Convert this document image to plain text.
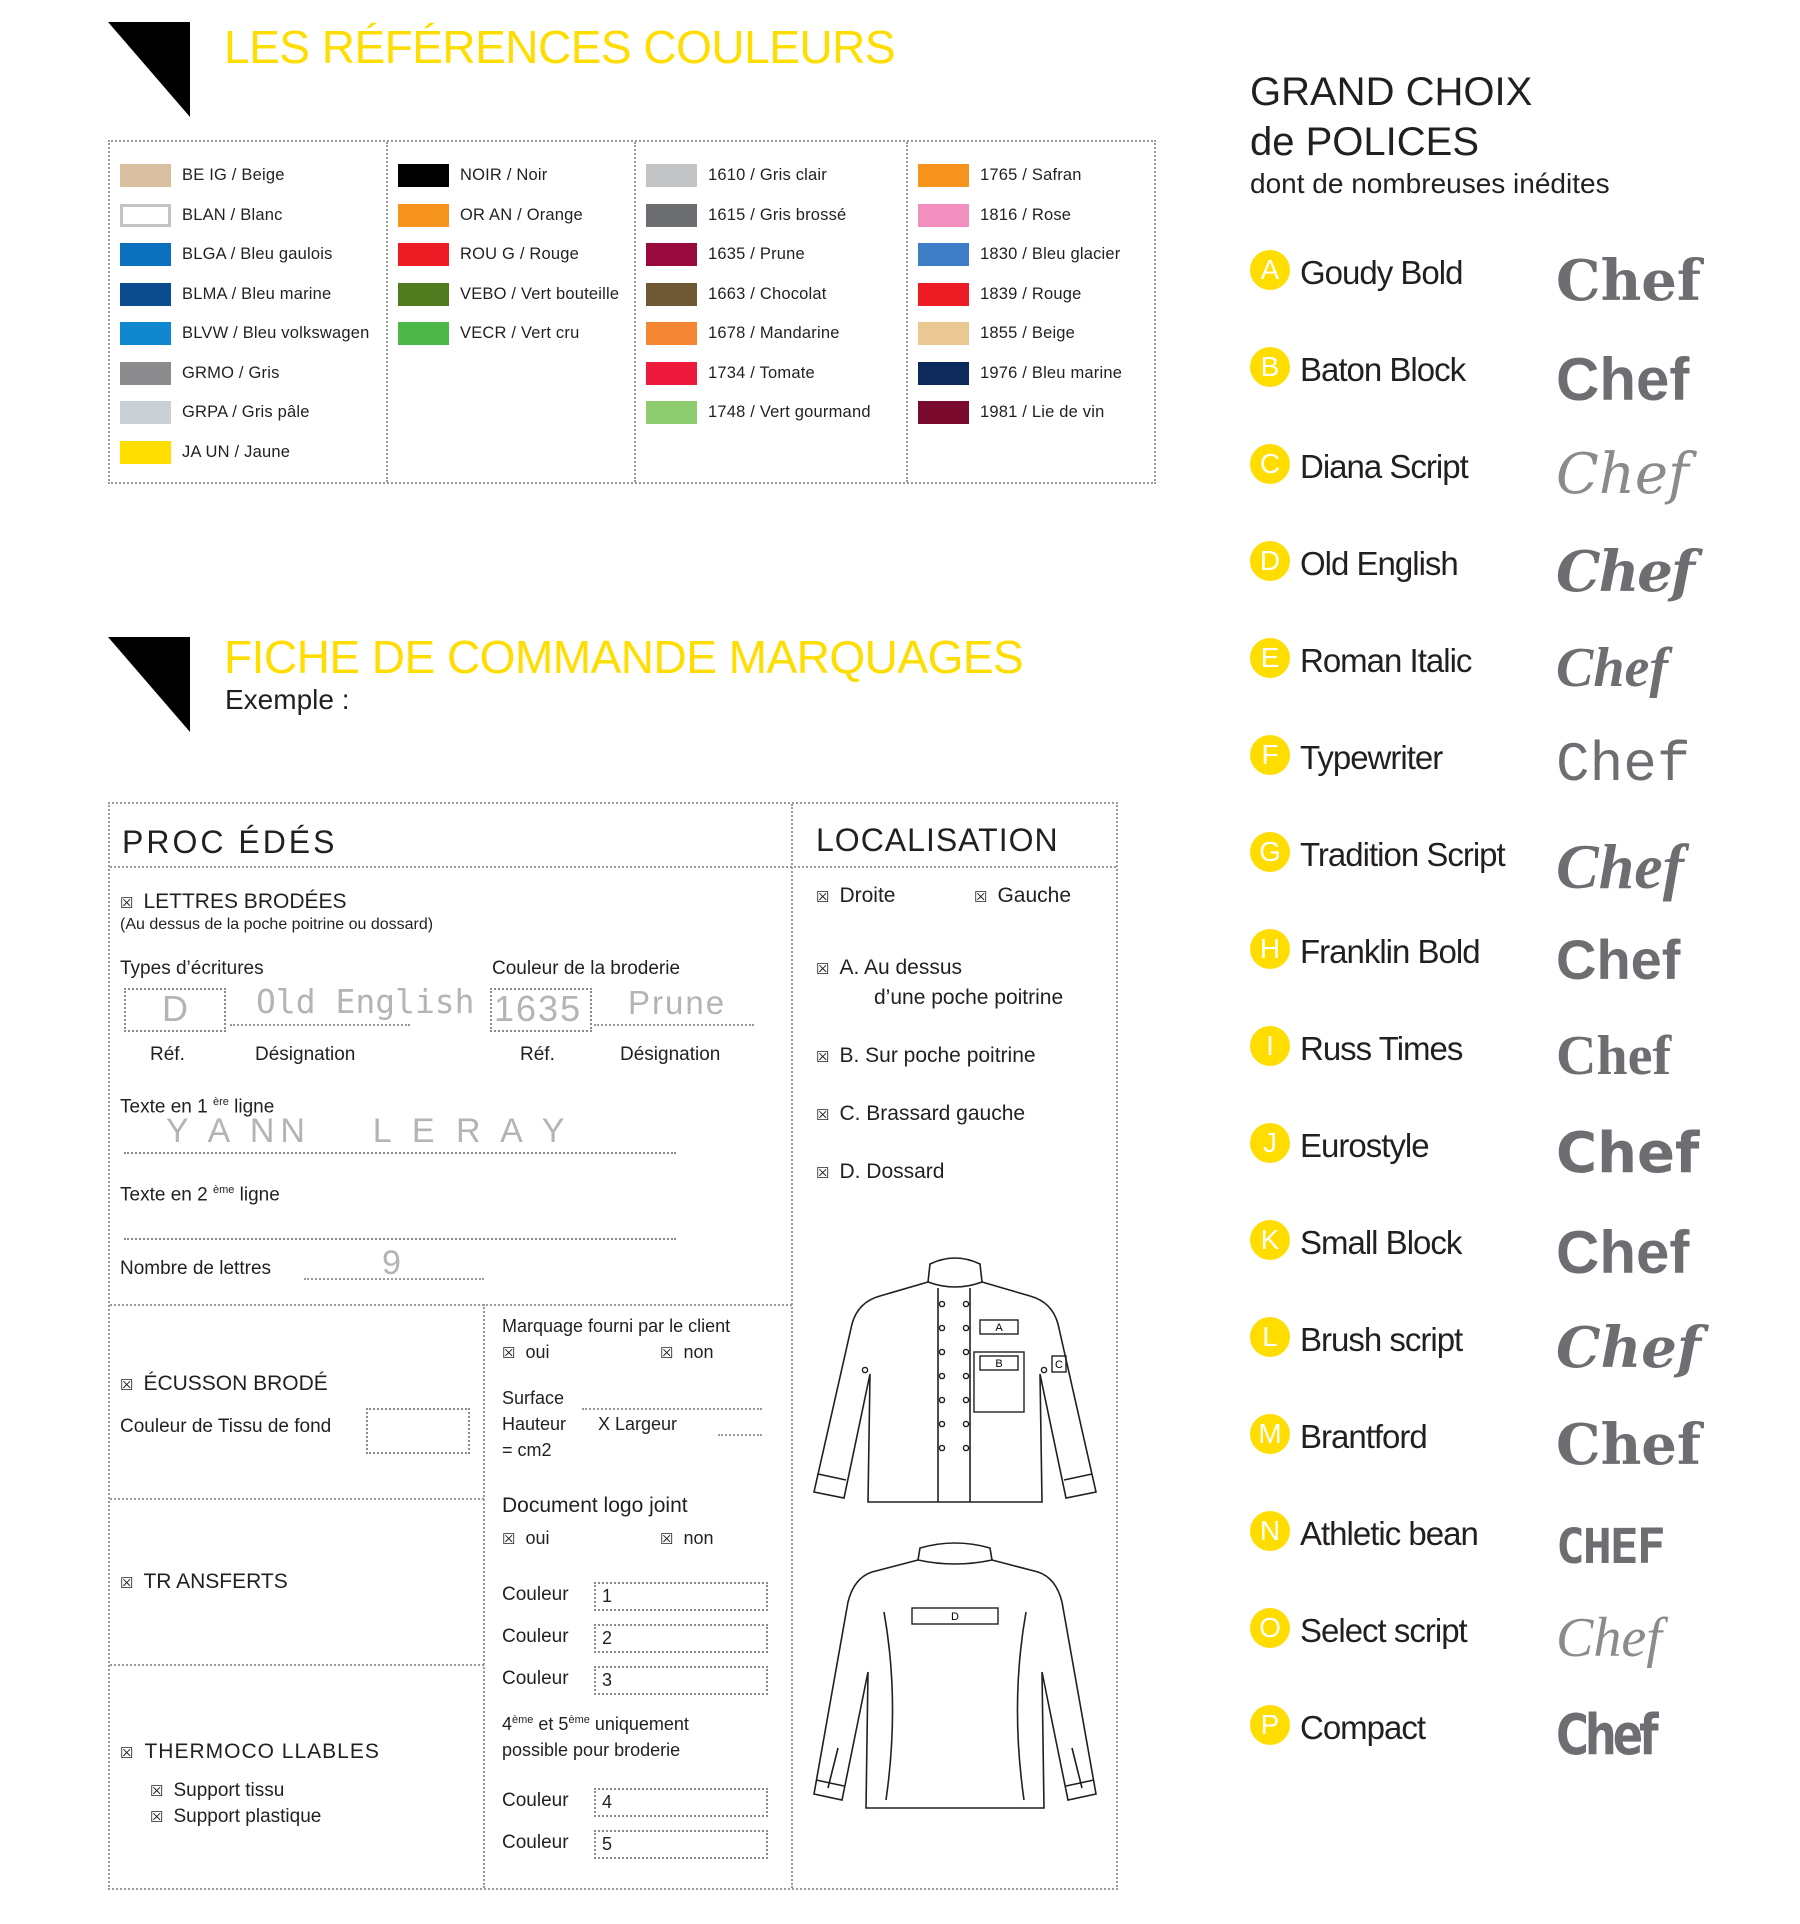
LES RÉFÉRENCES COULEURS
BE IG / Beige
BLAN / Blanc
BLGA / Bleu gaulois
BLMA / Bleu marine
BLVW / Bleu volkswagen
GRMO / Gris
GRPA / Gris pâle
JA UN / Jaune
NOIR / Noir
OR AN / Orange
ROU G / Rouge
VEBO / Vert bouteille
VECR / Vert cru
1610 / Gris clair
1615 / Gris brossé
1635 / Prune
1663 / Chocolat
1678 / Mandarine
1734 / Tomate
1748 / Vert gourmand
1765 / Safran
1816 / Rose
1830 / Bleu glacier
1839 / Rouge
1855 / Beige
1976 / Bleu marine
1981 / Lie de vin
FICHE DE COMMANDE MARQUAGES
Exemple :
PROC ÉDÉS	LOCALISATION
☒ LETTRES BRODÉES
(Au dessus de la poche poitrine ou dossard)
Types d’écritures
D Old English
Réf.	Désignation
Couleur de la broderie
1635 Prune
Réf.	Désignation
Texte en 1 $^{ère}$ ligne
Y A NN    L E R A Y
Texte en 2 $^{ème}$ ligne
Nombre de lettres	9
☒ ÉCUSSON BRODÉ
Couleur de Tissu de fond
☒ TR ANSFERTS
☒ THERMOCO LLABLES
☒ Support tissu
☒ Support plastique
Marquage fourni par le client
☒ oui	☒ non
Surface
Hauteur X Largeur
= cm2
Document logo joint
☒ oui	☒ non
Couleur	1
Couleur	2
Couleur	3
4ème et 5ème uniquement
possible pour broderie
Couleur	4
Couleur	5
☒ Droite	☒ Gauche
☒ A. Au dessus
d’une poche poitrine
☒ B. Sur poche poitrine
☒ C. Brassard gauche
☒ D. Dossard
A
B	C
D
GRAND CHOIX
de POLICES
dont de nombreuses inédites
A Goudy Bold Chef
B Baton Block Chef
C Diana Script Chef
D Old English Chef
E Roman Italic Chef
F Typewriter Chef
G Tradition Script Chef
H Franklin Bold Chef
I Russ Times Chef
J Eurostyle Chef
K Small Block Chef
L Brush script Chef
M Brantford Chef
N Athletic bean CHEF
O Select script Chef
P Compact Chef
